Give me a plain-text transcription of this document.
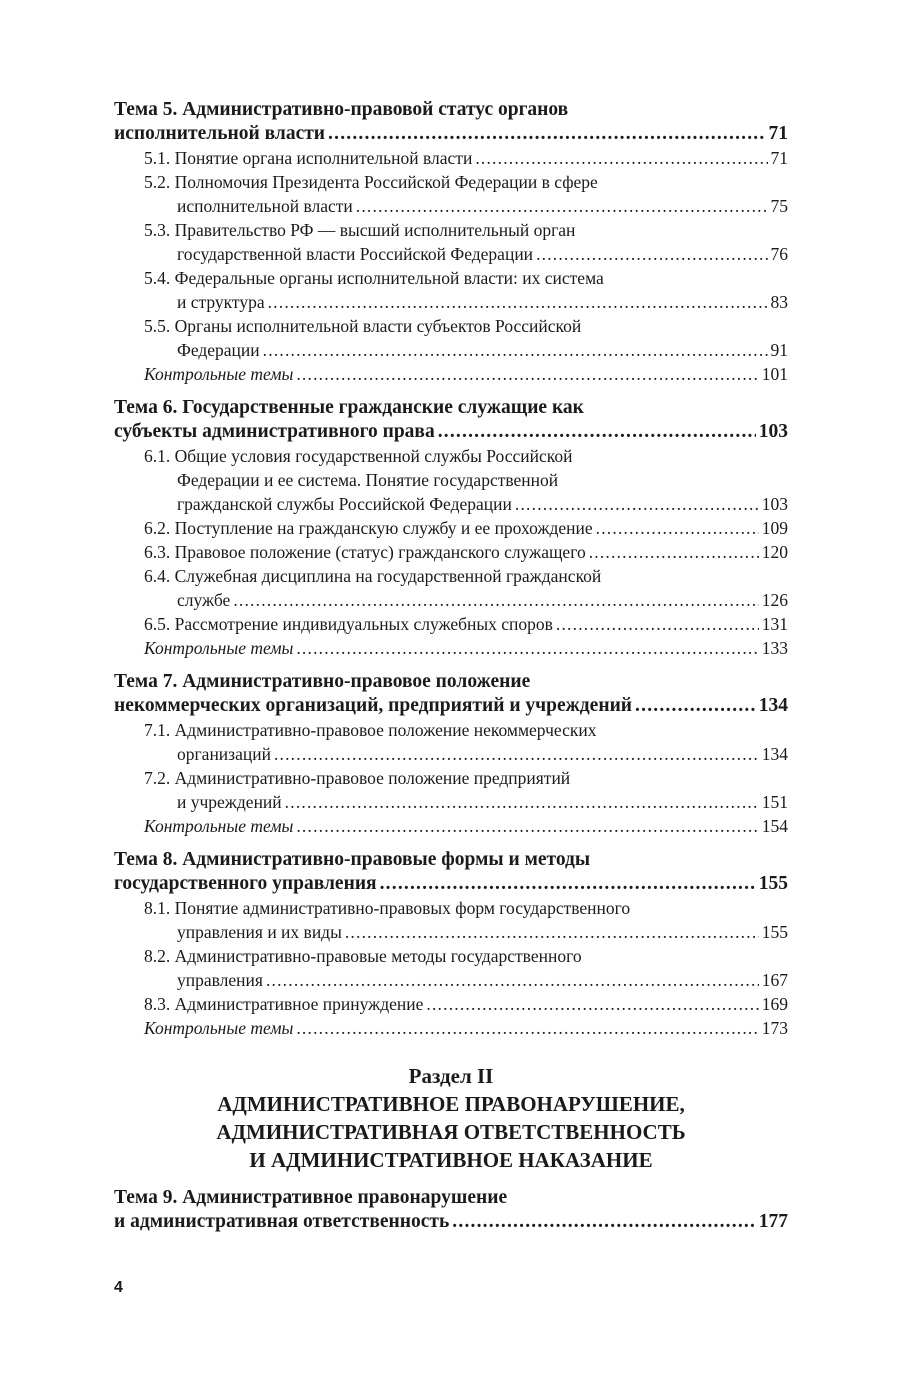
Тема 5. Административно-правовой статус органов
исполнительной власти .....	71
5.1. Понятие органа исполнительной власти .....	71
5.2. Полномочия Президента Российской Федерации в сфере
исполнительной власти .....	75
5.3. Правительство РФ — высший исполнительный орган
государственной власти Российской Федерации .....	76
5.4. Федеральные органы исполнительной власти: их система
и структура .....	83
5.5. Органы исполнительной власти субъектов Российской
Федерации .....	91
Контрольные темы .....	101
Тема 6. Государственные гражданские служащие как
субъекты административного права .....	103
6.1. Общие условия государственной службы Российской
Федерации и ее система. Понятие государственной
гражданской службы Российской Федерации .....	103
6.2. Поступление на гражданскую службу и ее прохождение .....	109
6.3. Правовое положение (статус) гражданского служащего .....	120
6.4. Служебная дисциплина на государственной гражданской
службе .....	126
6.5. Рассмотрение индивидуальных служебных споров .....	131
Контрольные темы .....	133
Тема 7. Административно-правовое положение
некоммерческих организаций, предприятий и учреждений .....	134
7.1. Административно-правовое положение некоммерческих
организаций .....	134
7.2. Административно-правовое положение предприятий
и учреждений .....	151
Контрольные темы .....	154
Тема 8. Административно-правовые формы и методы
государственного управления .....	155
8.1. Понятие административно-правовых форм государственного
управления и их виды .....	155
8.2. Административно-правовые методы государственного
управления .....	167
8.3. Административное принуждение .....	169
Контрольные темы .....	173
Раздел II
АДМИНИСТРАТИВНОЕ ПРАВОНАРУШЕНИЕ,
АДМИНИСТРАТИВНАЯ ОТВЕТСТВЕННОСТЬ
И АДМИНИСТРАТИВНОЕ НАКАЗАНИЕ
Тема 9. Административное правонарушение
и административная ответственность .....	177
4
